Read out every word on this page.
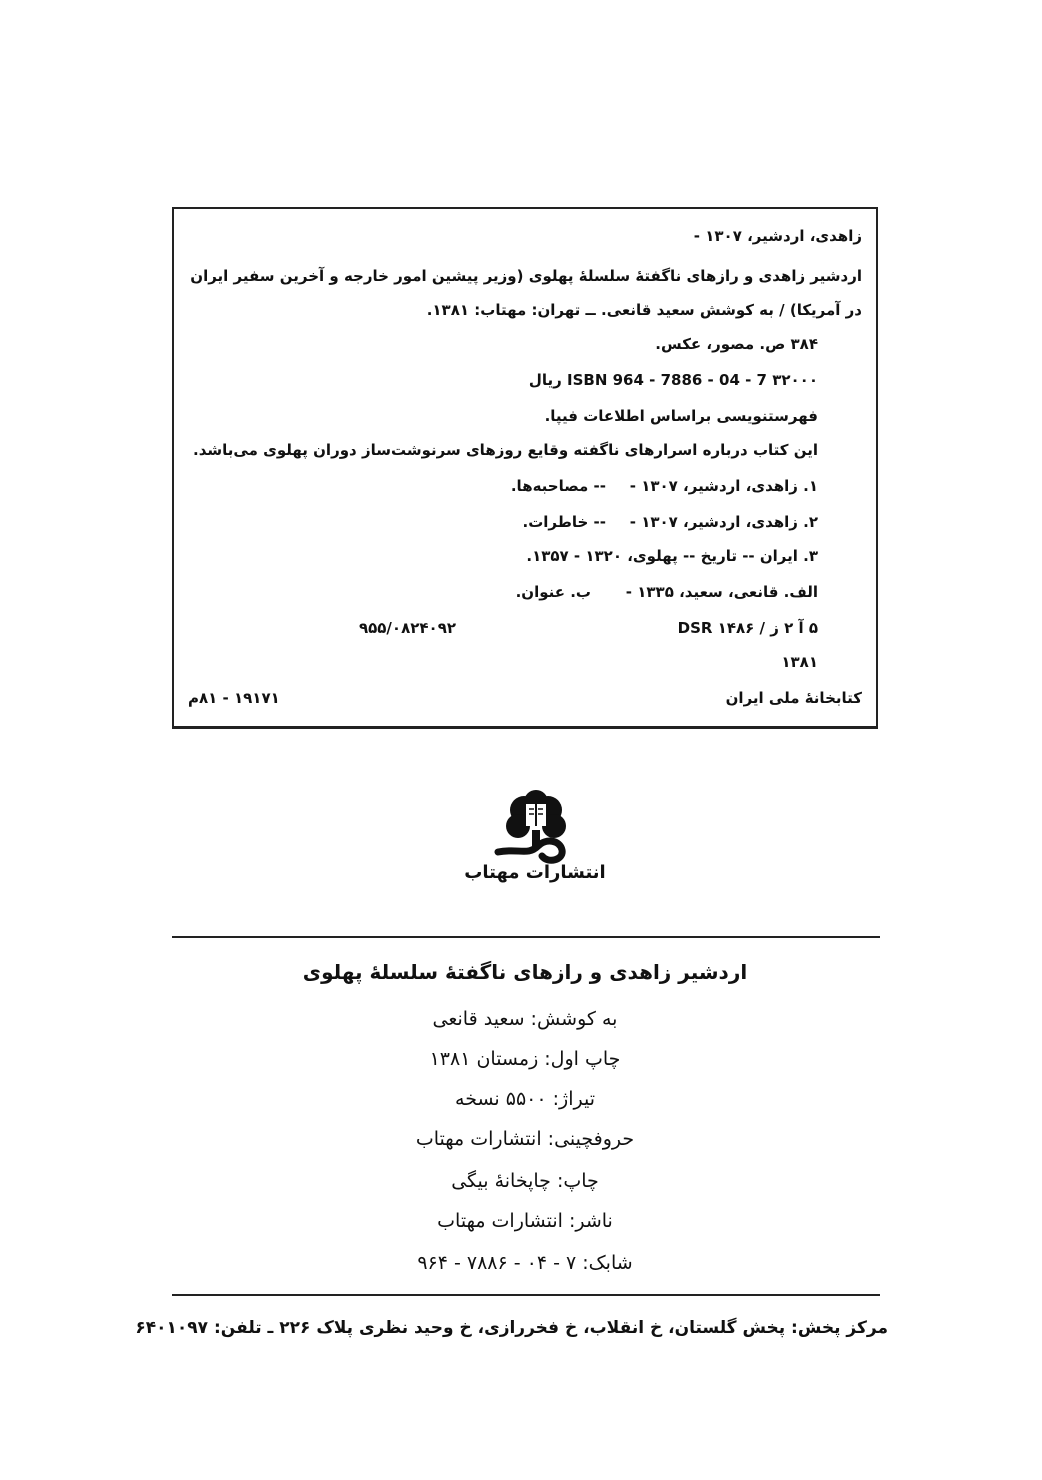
زاهدی، اردشیر، ۱۳۰۷ -
اردشیر زاهدی و رازهای ناگفتهٔ سلسلهٔ پهلوی (وزیر پیشین امور خارجه و آخرین سفیر ایران
در آمریکا) / به کوشش سعید قانعی. ــ تهران: مهتاب: ۱۳۸۱.
۳۸۴ ص. مصور، عکس.
ISBN 964 - 7886 - 04 - 7 ۳۲۰۰۰ ریال
فهرستنویسی براساس اطلاعات فیپا.
این کتاب درباره اسرارهای ناگفته وقایع روزهای سرنوشت‌ساز دوران پهلوی می‌باشد.
۱. زاهدی، اردشیر، ۱۳۰۷ -
-- مصاحبه‌ها.
۲. زاهدی، اردشیر، ۱۳۰۷ -
-- خاطرات.
۳. ایران -- تاریخ -- پهلوی، ۱۳۲۰ - ۱۳۵۷.
الف. قانعی، سعید، ۱۳۳۵ -
ب. عنوان.
۵ آ ۲ ز / DSR ۱۴۸۶
۹۵۵/۰۸۲۴۰۹۲
۱۳۸۱
کتابخانهٔ ملی ایران
۱۹۱۷۱ - ۸۱م
انتشارات مهتاب
اردشیر زاهدی و رازهای ناگفتهٔ سلسلهٔ پهلوی
به کوشش: سعید قانعی
چاپ اول: زمستان ۱۳۸۱
تیراژ: ۵۵۰۰ نسخه
حروفچینی: انتشارات مهتاب
چاپ: چاپخانهٔ بیگی
ناشر: انتشارات مهتاب
شابک: ۷ - ۰۴ - ۷۸۸۶ - ۹۶۴
مرکز پخش: پخش گلستان، خ انقلاب، خ فخررازی، خ وحید نظری پلاک ۲۲۶ ـ تلفن: ۶۴۰۱۰۹۷
